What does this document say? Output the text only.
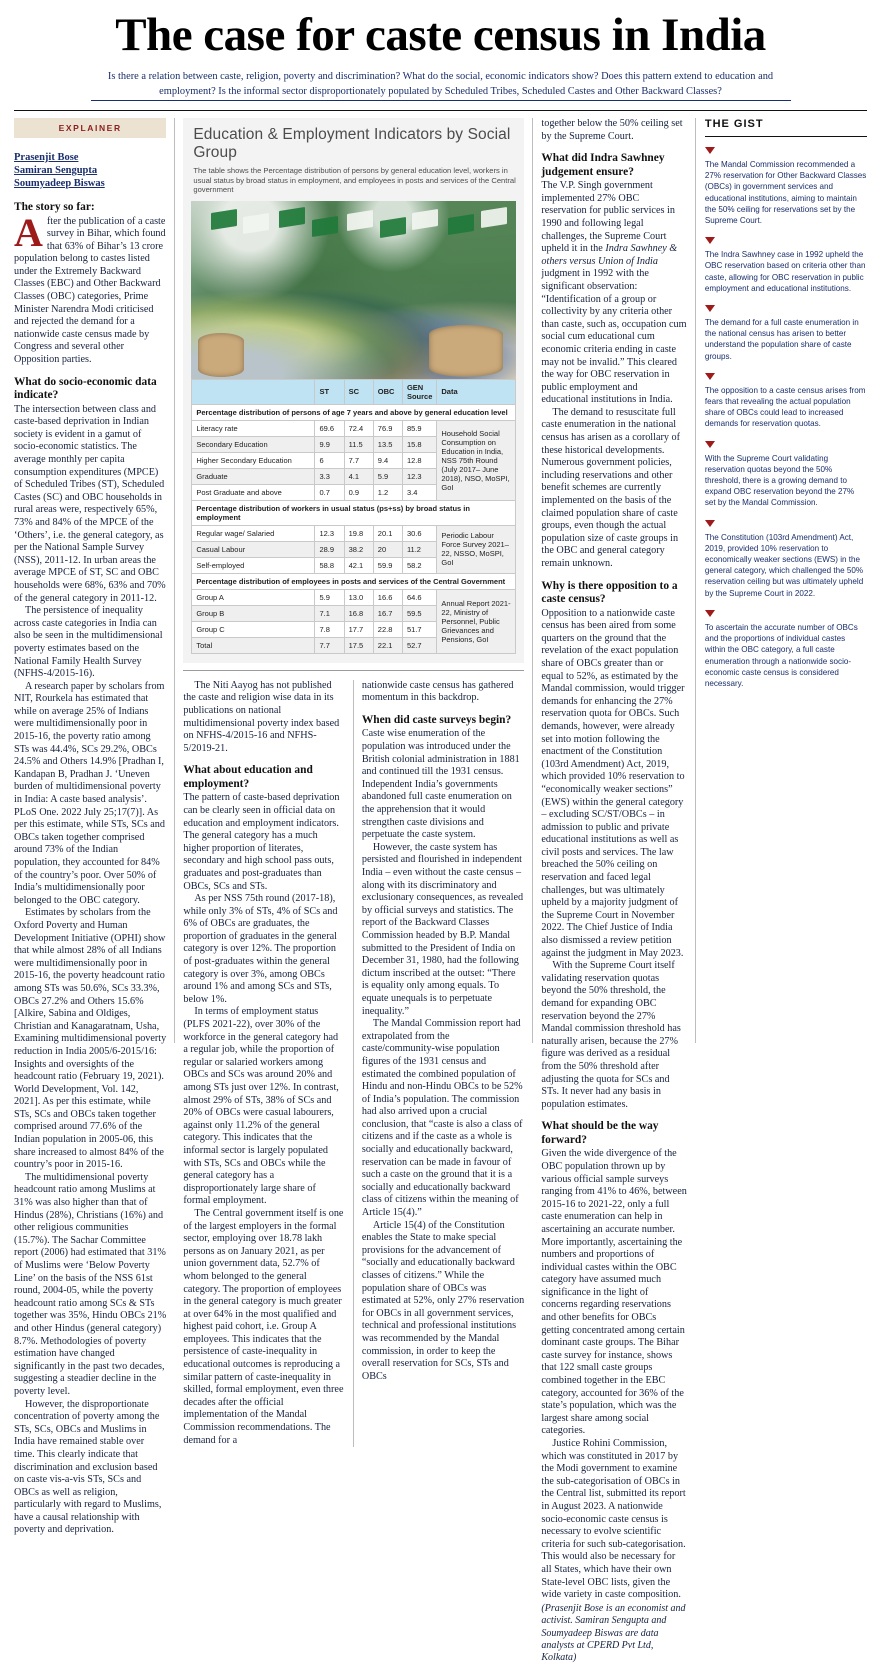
The case for caste census in India
Is there a relation between caste, religion, poverty and discrimination? What do the social, economic indicators show? Does this pattern extend to education and
employment? Is the informal sector disproportionately populated by Scheduled Tribes, Scheduled Castes and Other Backward Classes?
EXPLAINER
Prasenjit Bose
Samiran Sengupta
Soumyadeep Biswas
The story so far:
A fter the publication of a caste survey in Bihar, which found that 63% of Bihar’s 13 crore population belong to castes listed under the Extremely Backward Classes (EBC) and Other Backward Classes (OBC) categories, Prime Minister Narendra Modi criticised and rejected the demand for a nationwide caste census made by Congress and several other Opposition parties.

What do socio-economic data indicate?

The intersection between class and caste-based deprivation in Indian society is evident in a gamut of socio-economic statistics. The average monthly per capita consumption expenditures (MPCE) of Scheduled Tribes (ST), Scheduled Castes (SC) and OBC households in rural areas were, respectively 65%, 73% and 84% of the MPCE of the ‘Others’, i.e. the general category, as per the National Sample Survey (NSS), 2011-12. In urban areas the average MPCE of ST, SC and OBC households were 68%, 63% and 70% of the general category in 2011-12.

The persistence of inequality across caste categories in India can also be seen in the multidimensional poverty estimates based on the National Family Health Survey (NFHS-4/2015-16).

A research paper by scholars from NIT, Rourkela has estimated that while on average 25% of Indians were multidimensionally poor in 2015-16, the poverty ratio among STs was 44.4%, SCs 29.2%, OBCs 24.5% and Others 14.9% [Pradhan I, Kandapan B, Pradhan J. ‘Uneven burden of multidimensional poverty in India: A caste based analysis’. PLoS One. 2022 July 25;17(7)]. As per this estimate, while STs, SCs and OBCs taken together comprised around 73% of the Indian population, they accounted for 84% of the country’s poor. Over 50% of India’s multidimensionally poor belonged to the OBC category.

Estimates by scholars from the Oxford Poverty and Human Development Initiative (OPHI) show that while almost 28% of all Indians were multidimensionally poor in 2015-16, the poverty headcount ratio among STs was 50.6%, SCs 33.3%, OBCs 27.2% and Others 15.6% [Alkire, Sabina and Oldiges, Christian and Kanagaratnam, Usha, Examining multidimensional poverty reduction in India 2005/6-2015/16: Insights and oversights of the headcount ratio (February 19, 2021). World Development, Vol. 142, 2021]. As per this estimate, while STs, SCs and OBCs taken together comprised around 77.6% of the Indian population in 2005-06, this share increased to almost 84% of the country’s poor in 2015-16.

The multidimensional poverty headcount ratio among Muslims at 31% was also higher than that of Hindus (28%), Christians (16%) and other religious communities (15.7%). The Sachar Committee report (2006) had estimated that 31% of Muslims were ‘Below Poverty Line’ on the basis of the NSS 61st round, 2004-05, while the poverty headcount ratio among SCs & STs together was 35%, Hindu OBCs 21% and other Hindus (general category) 8.7%. Methodologies of poverty estimation have changed significantly in the past two decades, suggesting a steadier decline in the poverty level.

However, the disproportionate concentration of poverty among the STs, SCs, OBCs and Muslims in India have remained stable over time. This clearly indicate that discrimination and exclusion based on caste vis-a-vis STs, SCs and OBCs as well as religion, particularly with regard to Muslims, have a causal relationship with poverty and deprivation.

Education & Employment Indicators by Social Group
The table shows the Percentage distribution of persons by general education level, workers in usual status by broad status in employment, and employees in posts and services of the Central government
	ST	SC	OBC	GEN Source	Data
Percentage distribution of persons of age 7 years and above by general education level					
Literacy rate	69.6	72.4	76.9	85.9	Household Social Consumption on Education in India, NSS 75th Round (July 2017– June 2018), NSO, MoSPI, GoI
Secondary Education	9.9	11.5	13.5	15.8	
Higher Secondary Education	6	7.7	9.4	12.8	
Graduate	3.3	4.1	5.9	12.3	
Post Graduate and above	0.7	0.9	1.2	3.4	
Percentage distribution of workers in usual status (ps+ss) by broad status in employment					
Regular wage/ Salaried	12.3	19.8	20.1	30.6	Periodic Labour Force Survey 2021–22, NSSO, MoSPI, GoI
Casual Labour	28.9	38.2	20	11.2	
Self-employed	58.8	42.1	59.9	58.2	
Percentage distribution of employees in posts and services of the Central Government					
Group A	5.9	13.0	16.6	64.6	Annual Report 2021-22, Ministry of Personnel, Public Grievances and Pensions, GoI
Group B	7.1	16.8	16.7	59.5	
Group C	7.8	17.7	22.8	51.7	
Total	7.7	17.5	22.1	52.7	

The Niti Aayog has not published the caste and religion wise data in its publications on national multidimensional poverty index based on NFHS-4/2015-16 and NFHS-5/2019-21.

What about education and employment?

The pattern of caste-based deprivation can be clearly seen in official data on education and employment indicators. The general category has a much higher proportion of literates, secondary and high school pass outs, graduates and post-graduates than OBCs, SCs and STs.

As per NSS 75th round (2017-18), while only 3% of STs, 4% of SCs and 6% of OBCs are graduates, the proportion of graduates in the general category is over 12%. The proportion of post-graduates within the general category is over 3%, among OBCs around 1% and among SCs and STs, below 1%.

In terms of employment status (PLFS 2021-22), over 30% of the workforce in the general category had a regular job, while the proportion of regular or salaried workers among OBCs and SCs was around 20% and among STs just over 12%. In contrast, almost 29% of STs, 38% of SCs and 20% of OBCs were casual labourers, against only 11.2% of the general category. This indicates that the informal sector is largely populated with STs, SCs and OBCs while the general category has a disproportionately large share of formal employment.

The Central government itself is one of the largest employers in the formal sector, employing over 18.78 lakh persons as on January 2021, as per union government data, 52.7% of whom belonged to the general category. The proportion of employees in the general category is much greater at over 64% in the most qualified and highest paid cohort, i.e. Group A employees. This indicates that the persistence of caste-inequality in educational outcomes is reproducing a similar pattern of caste-inequality in skilled, formal employment, even three decades after the official implementation of the Mandal Commission recommendations. The demand for a

nationwide caste census has gathered momentum in this backdrop.

When did caste surveys begin?

Caste wise enumeration of the population was introduced under the British colonial administration in 1881 and continued till the 1931 census. Independent India’s governments abandoned full caste enumeration on the apprehension that it would strengthen caste divisions and perpetuate the caste system.

However, the caste system has persisted and flourished in independent India – even without the caste census – along with its discriminatory and exclusionary consequences, as revealed by official surveys and statistics. The report of the Backward Classes Commission headed by B.P. Mandal submitted to the President of India on December 31, 1980, had the following dictum inscribed at the outset: “There is equality only among equals. To equate unequals is to perpetuate inequality.”

The Mandal Commission report had extrapolated from the caste/community-wise population figures of the 1931 census and estimated the combined population of Hindu and non-Hindu OBCs to be 52% of India’s population. The commission had also arrived upon a crucial conclusion, that “caste is also a class of citizens and if the caste as a whole is socially and educationally backward, reservation can be made in favour of such a caste on the ground that it is a socially and educationally backward class of citizens within the meaning of Article 15(4).”

Article 15(4) of the Constitution enables the State to make special provisions for the advancement of “socially and educationally backward classes of citizens.” While the population share of OBCs was estimated at 52%, only 27% reservation for OBCs in all government services, technical and professional institutions was recommended by the Mandal commission, in order to keep the overall reservation for SCs, STs and OBCs

together below the 50% ceiling set by the Supreme Court.

What did Indra Sawhney judgement ensure?

The V.P. Singh government implemented 27% OBC reservation for public services in 1990 and following legal challenges, the Supreme Court upheld it in the Indra Sawhney & others versus Union of India judgment in 1992 with the significant observation: “Identification of a group or collectivity by any criteria other than caste, such as, occupation cum social cum educational cum economic criteria ending in caste may not be invalid.” This cleared the way for OBC reservation in public employment and educational institutions in India.

The demand to resuscitate full caste enumeration in the national census has arisen as a corollary of these historical developments. Numerous government policies, including reservations and other benefit schemes are currently implemented on the basis of the claimed population share of caste groups, even though the actual population size of caste groups in the OBC and general category remain unknown.

Why is there opposition to a caste census?

Opposition to a nationwide caste census has been aired from some quarters on the ground that the revelation of the exact population share of OBCs greater than or equal to 52%, as estimated by the Mandal commission, would trigger demands for enhancing the 27% reservation quota for OBCs. Such demands, however, were already set into motion following the enactment of the Constitution (103rd Amendment) Act, 2019, which provided 10% reservation to “economically weaker sections” (EWS) within the general category – excluding SC/ST/OBCs – in admission to public and private educational institutions as well as civil posts and services. The law breached the 50% ceiling on reservation and faced legal challenges, but was ultimately upheld by a majority judgment of the Supreme Court in November 2022. The Chief Justice of India also dismissed a review petition against the judgment in May 2023.

With the Supreme Court itself validating reservation quotas beyond the 50% threshold, the demand for expanding OBC reservation beyond the 27% Mandal commission threshold has naturally arisen, because the 27% figure was derived as a residual from the 50% threshold after adjusting the quota for SCs and STs. It never had any basis in population estimates.

What should be the way forward?

Given the wide divergence of the OBC population thrown up by various official sample surveys ranging from 41% to 46%, between 2015-16 to 2021-22, only a full caste enumeration can help in ascertaining an accurate number. More importantly, ascertaining the numbers and proportions of individual castes within the OBC category have assumed much significance in the light of concerns regarding reservations and other benefits for OBCs getting concentrated among certain dominant caste groups. The Bihar caste survey for instance, shows that 122 small caste groups combined together in the EBC category, accounted for 36% of the state’s population, which was the largest share among social categories.

Justice Rohini Commission, which was constituted in 2017 by the Modi government to examine the sub-categorisation of OBCs in the Central list, submitted its report in August 2023. A nationwide socio-economic caste census is necessary to evolve scientific criteria for such sub-categorisation. This would also be necessary for all States, which have their own State-level OBC lists, given the wide variety in caste composition.

(Prasenjit Bose is an economist and activist. Samiran Sengupta and Soumyadeep Biswas are data analysts at CPERD Pvt Ltd, Kolkata)

THE GIST
The Mandal Commission recommended a 27% reservation for Other Backward Classes (OBCs) in government services and educational institutions, aiming to maintain the 50% ceiling for reservations set by the Supreme Court.
The Indra Sawhney case in 1992 upheld the OBC reservation based on criteria other than caste, allowing for OBC reservation in public employment and educational institutions.
The demand for a full caste enumeration in the national census has arisen to better understand the population share of caste groups.
The opposition to a caste census arises from fears that revealing the actual population share of OBCs could lead to increased demands for reservation quotas.
With the Supreme Court validating reservation quotas beyond the 50% threshold, there is a growing demand to expand OBC reservation beyond the 27% set by the Mandal Commission.
The Constitution (103rd Amendment) Act, 2019, provided 10% reservation to economically weaker sections (EWS) in the general category, which challenged the 50% reservation ceiling but was ultimately upheld by the Supreme Court in 2022.
To ascertain the accurate number of OBCs and the proportions of individual castes within the OBC category, a full caste enumeration through a nationwide socio-economic caste census is considered necessary.
